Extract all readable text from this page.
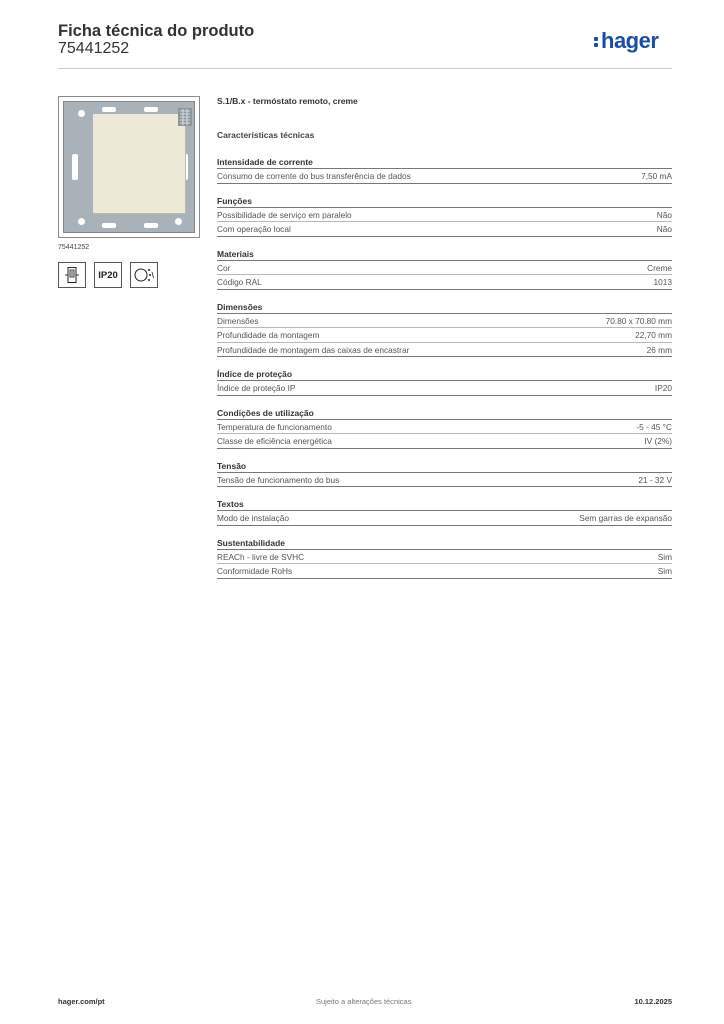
Ficha técnica do produto
75441252	hager
75441252
IP20
S.1/B.x - termóstato remoto, creme
Características técnicas
Intensidade de corrente
Consumo de corrente do bus transferência de dados	7,50 mA
Funções
Possibilidade de serviço em paralelo	Não
Com operação local	Não
Materiais
Cor	Creme
Código RAL	1013
Dimensões
Dimensões	70.80 x 70.80 mm
Profundidade da montagem	22,70 mm
Profundidade de montagem das caixas de encastrar	26 mm
Índice de proteção
Índice de proteção IP	IP20
Condições de utilização
Temperatura de funcionamento	-5 - 45 °C
Classe de eficiência energética	IV (2%)
Tensão
Tensão de funcionamento do bus	21 - 32 V
Textos
Modo de instalação	Sem garras de expansão
Sustentabilidade
REACh - livre de SVHC	Sim
Conformidade RoHs	Sim
hager.com/pt	Sujeito a alterações técnicas	10.12.2025
